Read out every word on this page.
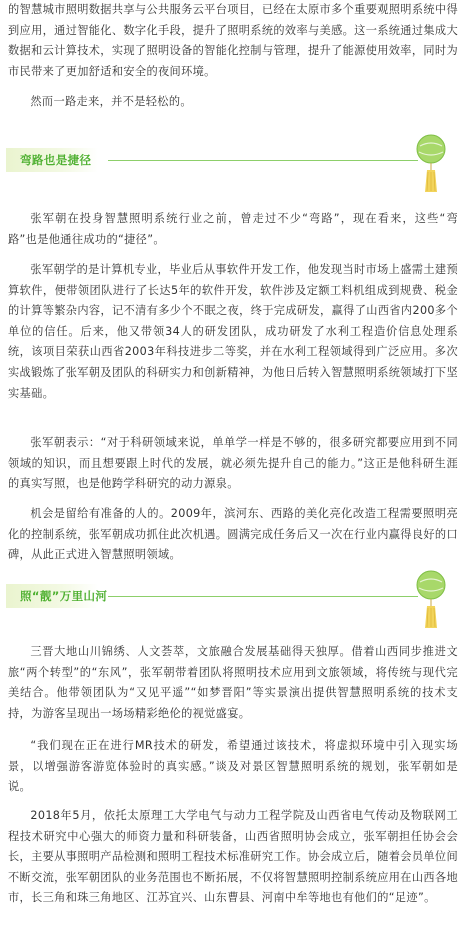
的智慧城市照明数据共享与公共服务云平台项目，已经在太原市多个重要观照明系统中得到应用，通过智能化、数字化手段，提升了照明系统的效率与美感。这一系统通过集成大数据和云计算技术，实现了照明设备的智能化控制与管理，提升了能源使用效率，同时为市民带来了更加舒适和安全的夜间环境。

然而一路走来，并不是轻松的。

弯路也是捷径

张军朝在投身智慧照明系统行业之前，曾走过不少“弯路”，现在看来，这些“弯路”也是他通往成功的“捷径”。

张军朝学的是计算机专业，毕业后从事软件开发工作，他发现当时市场上盛需土建预算软件，便带领团队进行了长达5年的软件开发，软件涉及定额工料机组成到规费、税金的计算等繁杂内容，记不清有多少个不眠之夜，终于完成研发，赢得了山西省内200多个单位的信任。后来，他又带领34人的研发团队，成功研发了水利工程造价信息处理系统，该项目荣获山西省2003年科技进步二等奖，并在水利工程领域得到广泛应用。多次实战锻炼了张军朝及团队的科研实力和创新精神，为他日后转入智慧照明系统领域打下坚实基础。

张军朝表示：“对于科研领域来说，单单学一样是不够的，很多研究都要应用到不同领域的知识，而且想要跟上时代的发展，就必须先提升自己的能力。”这正是他科研生涯的真实写照，也是他跨学科研究的动力源泉。

机会是留给有准备的人的。2009年，滨河东、西路的美化亮化改造工程需要照明亮化的控制系统，张军朝成功抓住此次机遇。圆满完成任务后又一次在行业内赢得良好的口碑，从此正式进入智慧照明领域。

照“靓”万里山河

三晋大地山川锦绣、人文荟萃，文旅融合发展基础得天独厚。借着山西同步推进文旅“两个转型”的“东风”，张军朝带着团队将照明技术应用到文旅领域，将传统与现代完美结合。他带领团队为“又见平遥”“如梦晋阳”等实景演出提供智慧照明系统的技术支持，为游客呈现出一场场精彩绝伦的视觉盛宴。

“我们现在正在进行MR技术的研发，希望通过该技术，将虚拟环境中引入现实场景，以增强游客游览体验时的真实感。”谈及对景区智慧照明系统的规划，张军朝如是说。

2018年5月，依托太原理工大学电气与动力工程学院及山西省电气传动及物联网工程技术研究中心强大的师资力量和科研装备，山西省照明协会成立，张军朝担任协会会长，主要从事照明产品检测和照明工程技术标准研究工作。协会成立后，随着会员单位间不断交流，张军朝团队的业务范围也不断拓展，不仅将智慧照明控制系统应用在山西各地市，长三角和珠三角地区、江苏宜兴、山东曹县、河南中牟等地也有他们的“足迹”。
